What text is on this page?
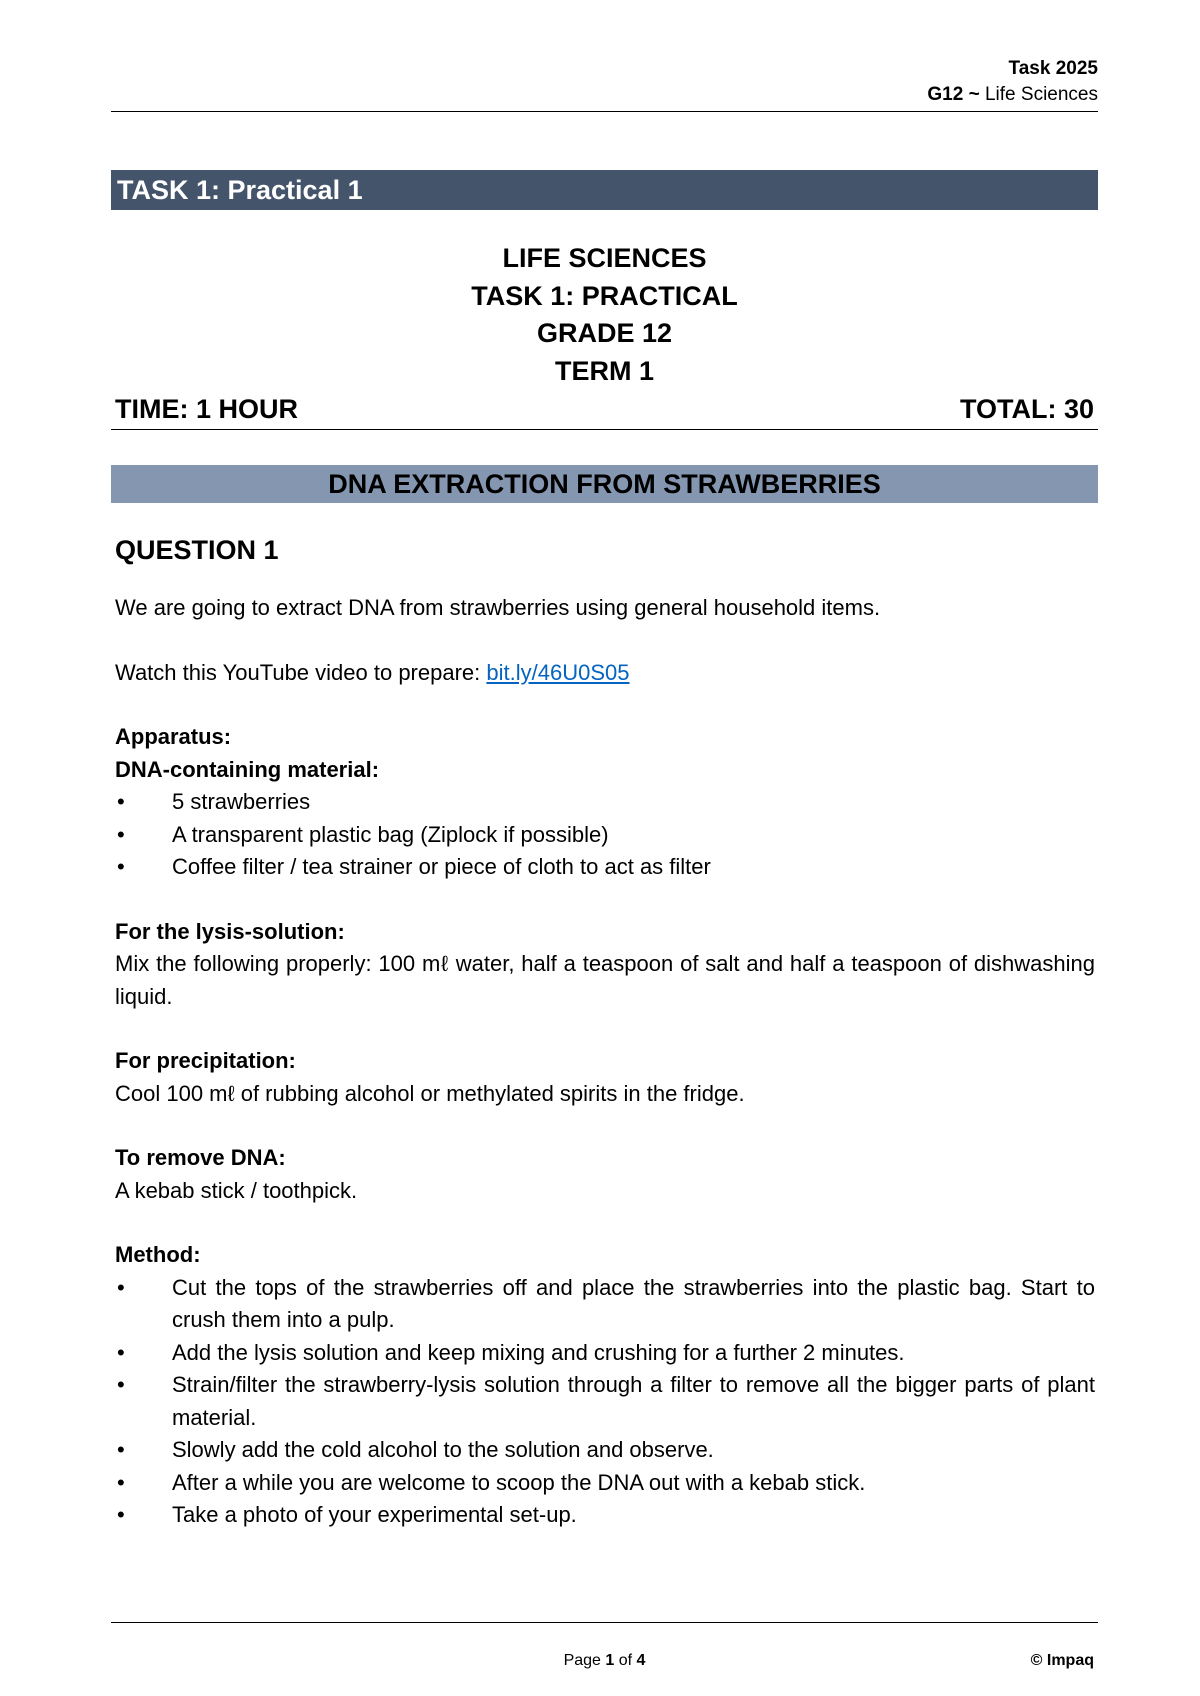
Task 2025
G12 ~ Life Sciences
TASK 1: Practical 1
LIFE SCIENCES
TASK 1: PRACTICAL
GRADE 12
TERM 1
TIME: 1 HOUR	TOTAL: 30
DNA EXTRACTION FROM STRAWBERRIES
QUESTION 1

We are going to extract DNA from strawberries using general household items.

Watch this YouTube video to prepare: bit.ly/46U0S05

Apparatus:

DNA-containing material:

• 5 strawberries
• A transparent plastic bag (Ziplock if possible)
• Coffee filter / tea strainer or piece of cloth to act as filter

For the lysis-solution:

Mix the following properly: 100 mℓ water, half a teaspoon of salt and half a teaspoon of dishwashing liquid.

For precipitation:

Cool 100 mℓ of rubbing alcohol or methylated spirits in the fridge.

To remove DNA:

A kebab stick / toothpick.

Method:

• Cut the tops of the strawberries off and place the strawberries into the plastic bag. Start to crush them into a pulp.
• Add the lysis solution and keep mixing and crushing for a further 2 minutes.
• Strain/filter the strawberry-lysis solution through a filter to remove all the bigger parts of plant material.
• Slowly add the cold alcohol to the solution and observe.
• After a while you are welcome to scoop the DNA out with a kebab stick.
• Take a photo of your experimental set-up.
Page 1 of 4	© Impaq
